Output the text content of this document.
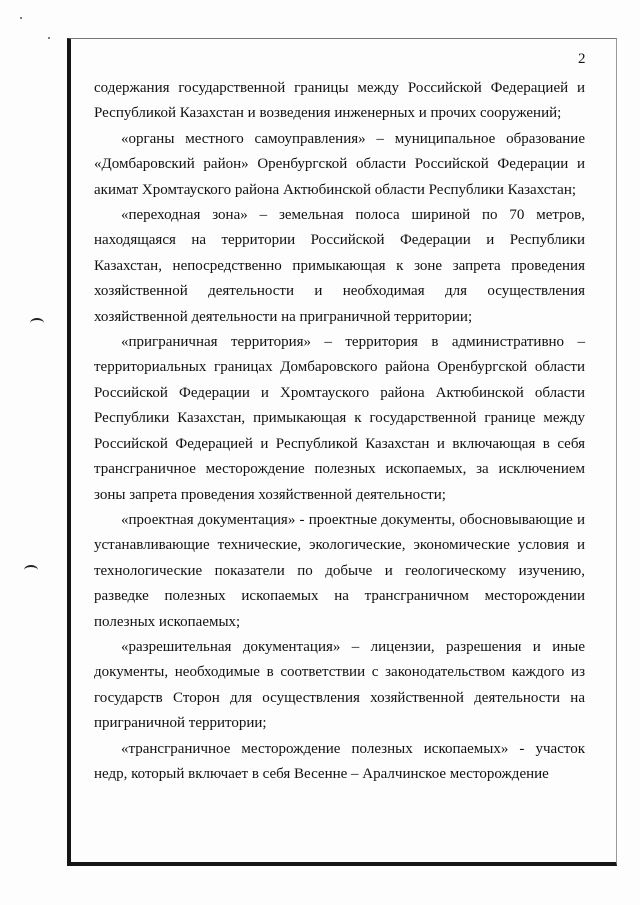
2

содержания государственной границы между Российской Федерацией и Республикой Казахстан и возведения инженерных и прочих сооружений;

«органы местного самоуправления» – муниципальное образование «Домбаровский район» Оренбургской области Российской Федерации и акимат Хромтауского района Актюбинской области Республики Казахстан;

«переходная зона» – земельная полоса шириной по 70 метров, находящаяся на территории Российской Федерации и Республики Казахстан, непосредственно примыкающая к зоне запрета проведения хозяйственной деятельности и необходимая для осуществления хозяйственной деятельности на приграничной территории;

«приграничная территория» – территория в административно – территориальных границах Домбаровского района Оренбургской области Российской Федерации и Хромтауского района Актюбинской области Республики Казахстан, примыкающая к государственной границе между Российской Федерацией и Республикой Казахстан и включающая в себя трансграничное месторождение полезных ископаемых, за исключением зоны запрета проведения хозяйственной деятельности;

«проектная документация» - проектные документы, обосновывающие и устанавливающие технические, экологические, экономические условия и технологические показатели по добыче и геологическому изучению, разведке полезных ископаемых на трансграничном месторождении полезных ископаемых;

«разрешительная документация» – лицензии, разрешения и иные документы, необходимые в соответствии с законодательством каждого из государств Сторон для осуществления хозяйственной деятельности на приграничной территории;

«трансграничное месторождение полезных ископаемых» - участок недр, который включает в себя Весенне – Аралчинское месторождение
